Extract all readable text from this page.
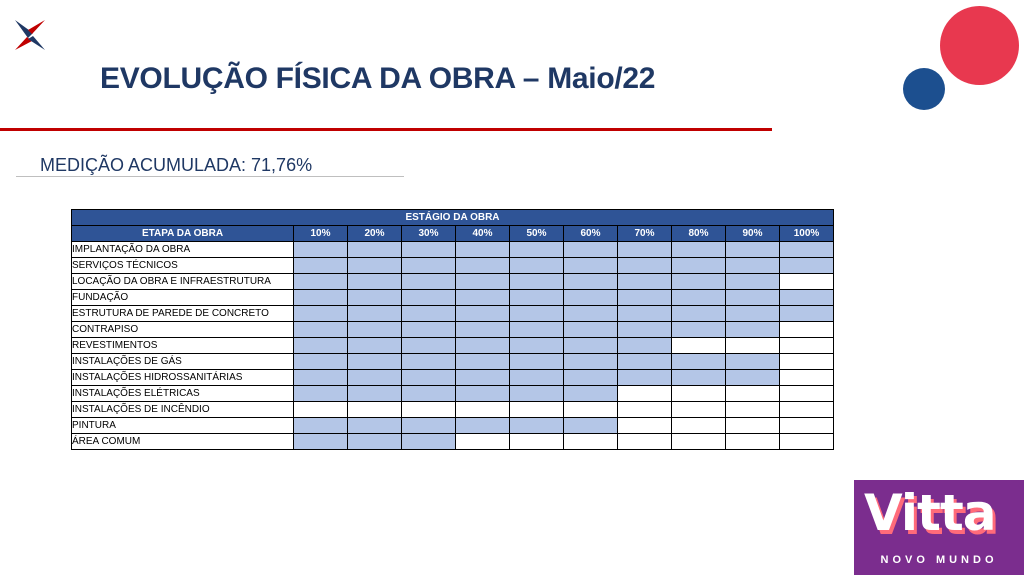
EVOLUÇÃO FÍSICA DA OBRA – Maio/22

MEDIÇÃO ACUMULADA: 71,76%

ESTÁGIO DA OBRA										
ETAPA DA OBRA	10%	20%	30%	40%	50%	60%	70%	80%	90%	100%
IMPLANTAÇÃO DA OBRA										
SERVIÇOS TÉCNICOS										
LOCAÇÃO DA OBRA E INFRAESTRUTURA										
FUNDAÇÃO										
ESTRUTURA DE PAREDE DE CONCRETO										
CONTRAPISO										
REVESTIMENTOS										
INSTALAÇÕES DE GÁS										
INSTALAÇÕES HIDROSSANITÁRIAS										
INSTALAÇÕES ELÉTRICAS										
INSTALAÇÕES DE INCÊNDIO										
PINTURA										
ÁREA COMUM										
Vitta
NOVO MUNDO
